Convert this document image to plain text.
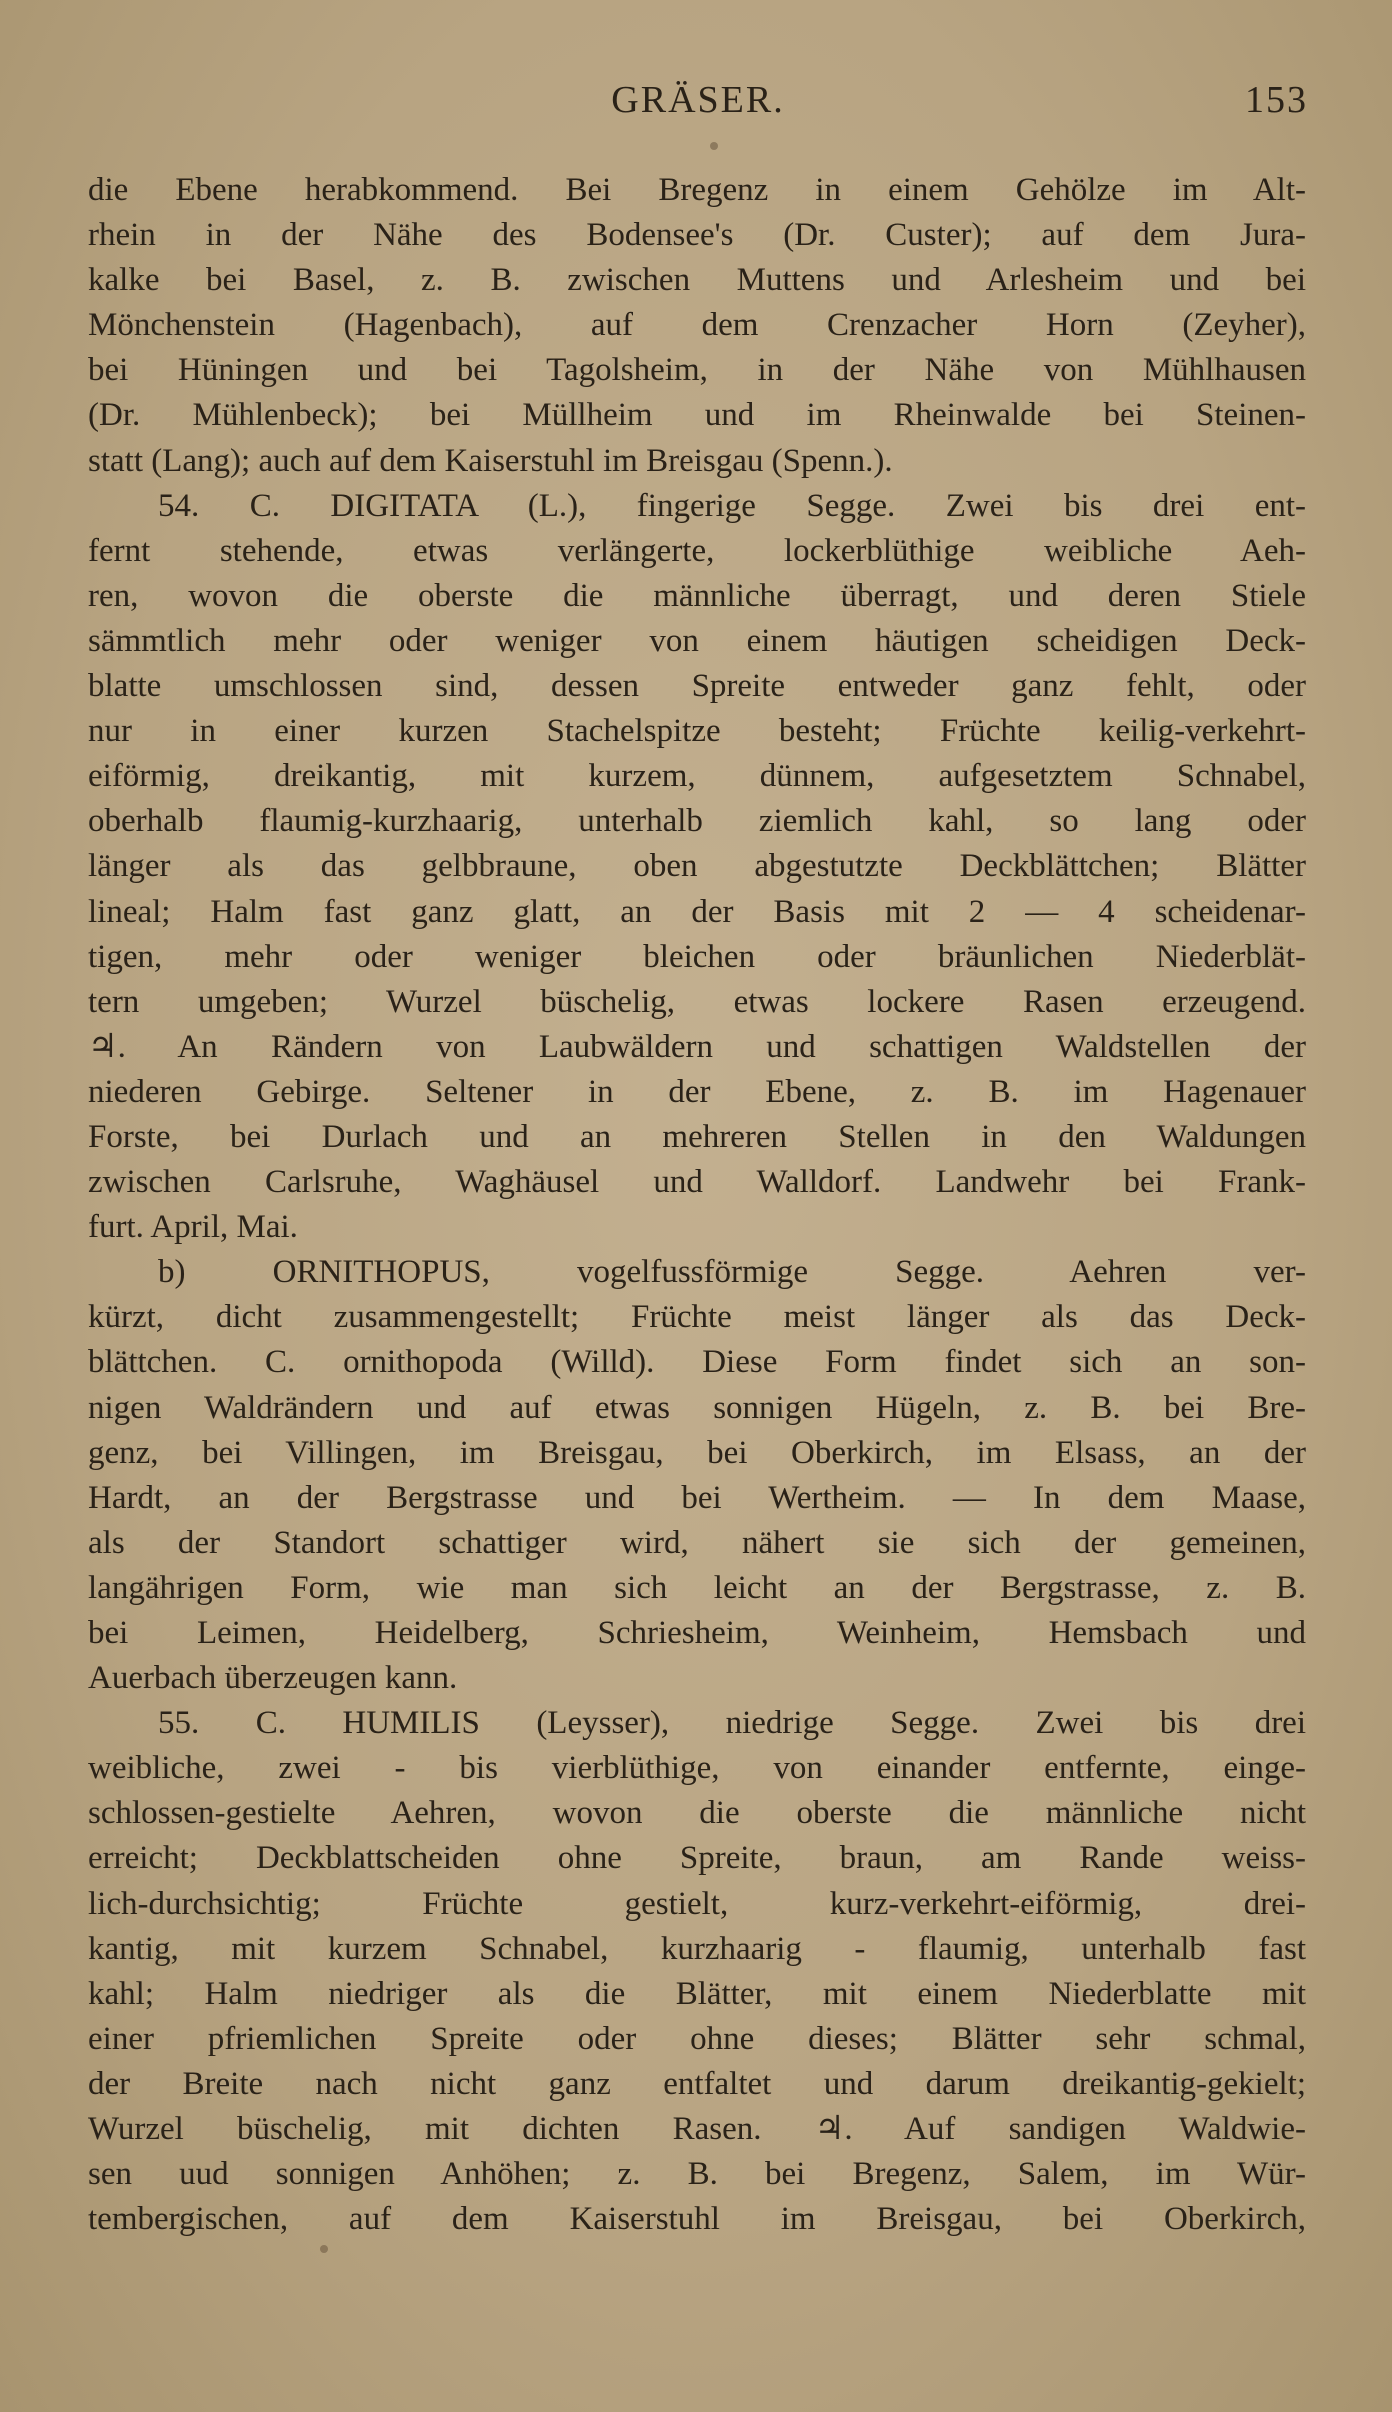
GRÄSER.	153
die Ebene herabkommend. Bei Bregenz in einem Gehölze im Alt-
rhein in der Nähe des Bodensee's (Dr. Custer); auf dem Jura-
kalke bei Basel, z. B. zwischen Muttens und Arlesheim und bei
Mönchenstein (Hagenbach), auf dem Crenzacher Horn (Zeyher),
bei Hüningen und bei Tagolsheim, in der Nähe von Mühlhausen
(Dr. Mühlenbeck); bei Müllheim und im Rheinwalde bei Steinen-
statt (Lang); auch auf dem Kaiserstuhl im Breisgau (Spenn.).
54. C. DIGITATA (L.), fingerige Segge. Zwei bis drei ent-
fernt stehende, etwas verlängerte, lockerblüthige weibliche Aeh-
ren, wovon die oberste die männliche überragt, und deren Stiele
sämmtlich mehr oder weniger von einem häutigen scheidigen Deck-
blatte umschlossen sind, dessen Spreite entweder ganz fehlt, oder
nur in einer kurzen Stachelspitze besteht; Früchte keilig-verkehrt-
eiförmig, dreikantig, mit kurzem, dünnem, aufgesetztem Schnabel,
oberhalb flaumig-kurzhaarig, unterhalb ziemlich kahl, so lang oder
länger als das gelbbraune, oben abgestutzte Deckblättchen; Blätter
lineal; Halm fast ganz glatt, an der Basis mit 2 — 4 scheidenar-
tigen, mehr oder weniger bleichen oder bräunlichen Niederblät-
tern umgeben; Wurzel büschelig, etwas lockere Rasen erzeugend.
♃. An Rändern von Laubwäldern und schattigen Waldstellen der
niederen Gebirge. Seltener in der Ebene, z. B. im Hagenauer
Forste, bei Durlach und an mehreren Stellen in den Waldungen
zwischen Carlsruhe, Waghäusel und Walldorf. Landwehr bei Frank-
furt. April, Mai.
b) ORNITHOPUS, vogelfussförmige Segge. Aehren ver-
kürzt, dicht zusammengestellt; Früchte meist länger als das Deck-
blättchen. C. ornithopoda (Willd). Diese Form findet sich an son-
nigen Waldrändern und auf etwas sonnigen Hügeln, z. B. bei Bre-
genz, bei Villingen, im Breisgau, bei Oberkirch, im Elsass, an der
Hardt, an der Bergstrasse und bei Wertheim. — In dem Maase,
als der Standort schattiger wird, nähert sie sich der gemeinen,
langährigen Form, wie man sich leicht an der Bergstrasse, z. B.
bei Leimen, Heidelberg, Schriesheim, Weinheim, Hemsbach und
Auerbach überzeugen kann.
55. C. HUMILIS (Leysser), niedrige Segge. Zwei bis drei
weibliche, zwei - bis vierblüthige, von einander entfernte, einge-
schlossen-gestielte Aehren, wovon die oberste die männliche nicht
erreicht; Deckblattscheiden ohne Spreite, braun, am Rande weiss-
lich-durchsichtig; Früchte gestielt, kurz-verkehrt-eiförmig, drei-
kantig, mit kurzem Schnabel, kurzhaarig - flaumig, unterhalb fast
kahl; Halm niedriger als die Blätter, mit einem Niederblatte mit
einer pfriemlichen Spreite oder ohne dieses; Blätter sehr schmal,
der Breite nach nicht ganz entfaltet und darum dreikantig-gekielt;
Wurzel büschelig, mit dichten Rasen. ♃. Auf sandigen Waldwie-
sen uud sonnigen Anhöhen; z. B. bei Bregenz, Salem, im Wür-
tembergischen, auf dem Kaiserstuhl im Breisgau, bei Oberkirch,
